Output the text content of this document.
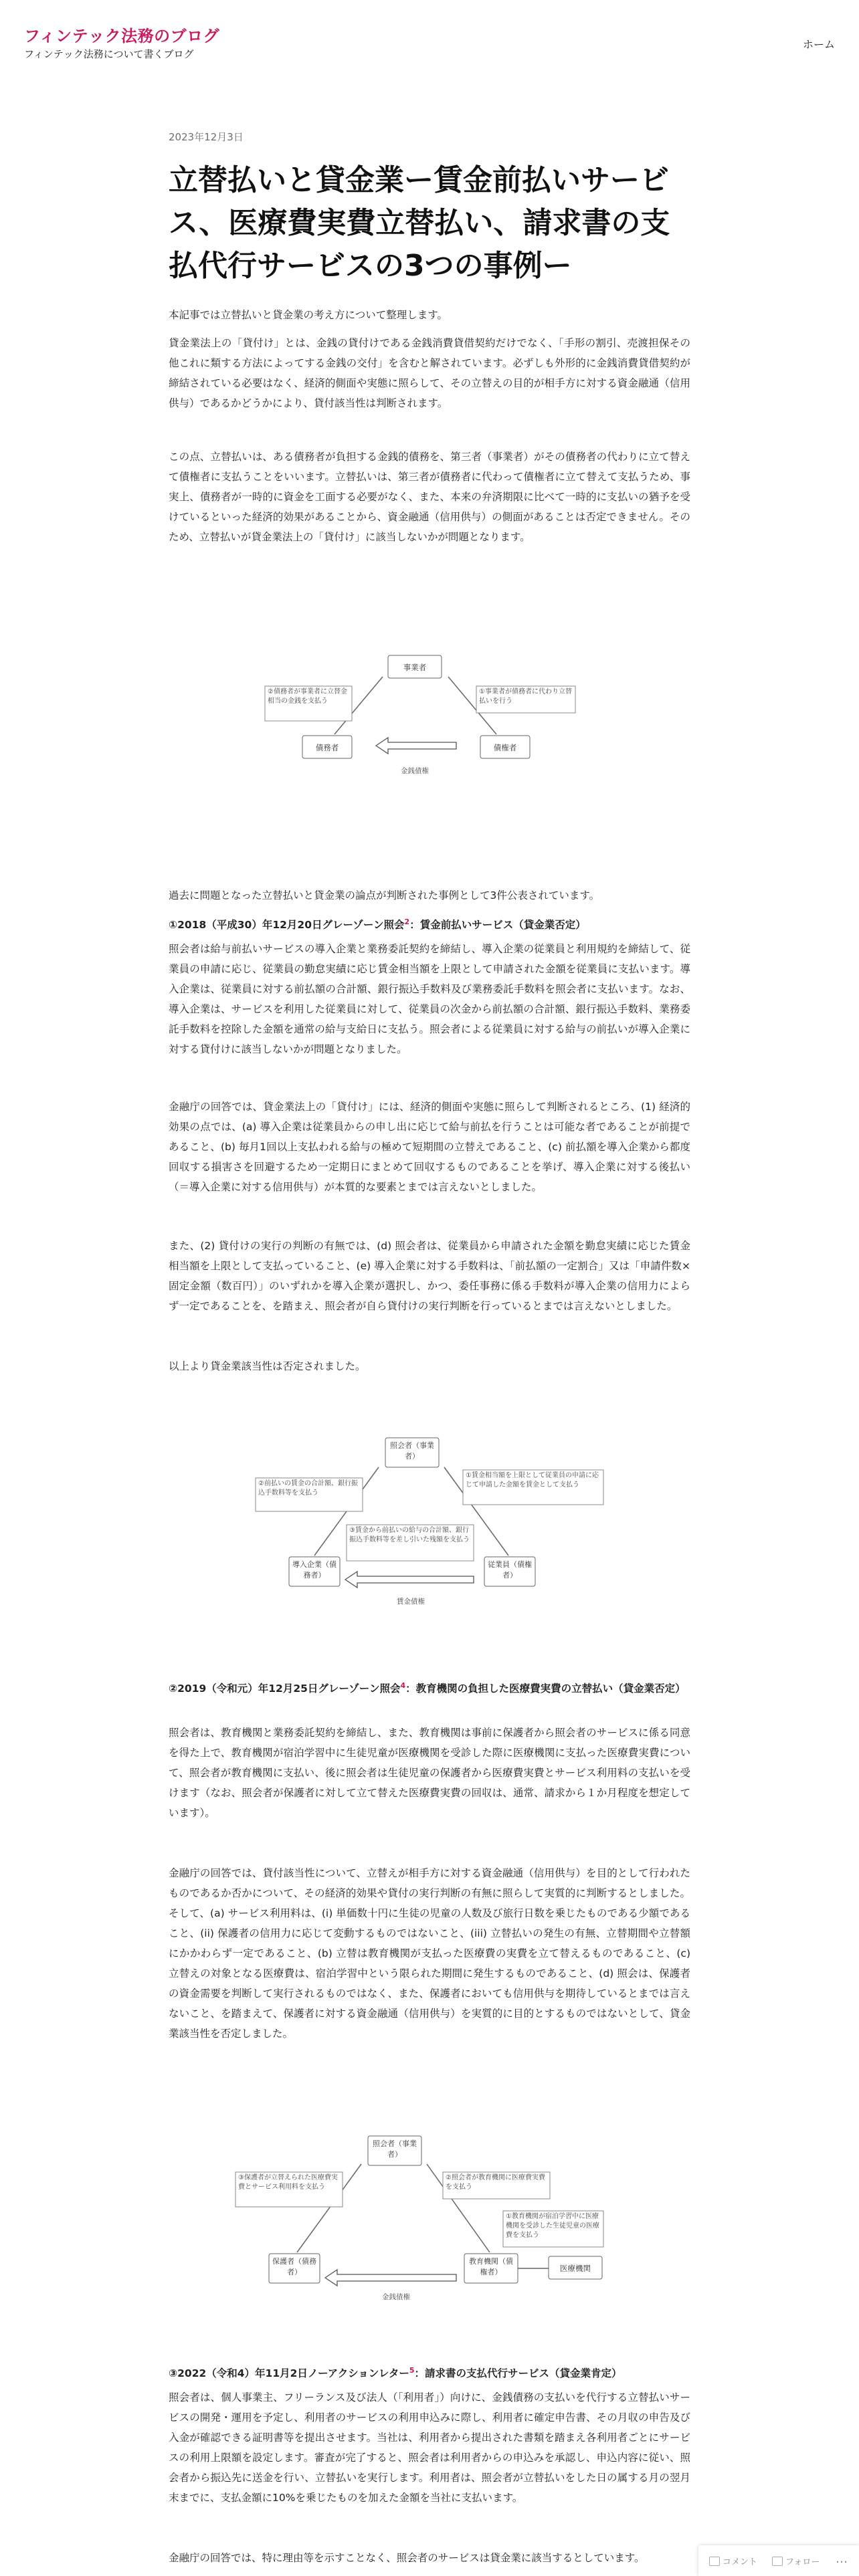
フィンテック法務のブログ
フィンテック法務について書くブログ
ホーム
2023年12月3日
立替払いと貸金業ー賃金前払いサービス、医療費実費立替払い、請求書の支払代行サービスの3つの事例ー

本記事では立替払いと貸金業の考え方について整理します。

貸金業法上の「貸付け」とは、金銭の貸付けである金銭消費貸借契約だけでなく、「手形の割引、売渡担保その他これに類する方法によってする金銭の交付」を含むと解されています。必ずしも外形的に金銭消費貸借契約が締結されている必要はなく、経済的側面や実態に照らして、その立替えの目的が相手方に対する資金融通（信用供与）であるかどうかにより、貸付該当性は判断されます。

この点、立替払いは、ある債務者が負担する金銭的債務を、第三者（事業者）がその債務者の代わりに立て替えて債権者に支払うことをいいます。立替払いは、第三者が債務者に代わって債権者に立て替えて支払うため、事実上、債務者が一時的に資金を工面する必要がなく、また、本来の弁済期限に比べて一時的に支払いの猶予を受けているといった経済的効果があることから、資金融通（信用供与）の側面があることは否定できません。そのため、立替払いが貸金業法上の「貸付け」に該当しないかが問題となります。

事業者
債務者	債権者
②債務者が事業者に立替金相当の金銭を支払う
①事業者が債務者に代わり立替払いを行う
金銭債権

過去に問題となった立替払いと貸金業の論点が判断された事例として3件公表されています。

①2018（平成30）年12月20日グレーゾーン照会$^2$：賃金前払いサービス（貸金業否定）

照会者は給与前払いサービスの導入企業と業務委託契約を締結し、導入企業の従業員と利用規約を締結して、従業員の申請に応じ、従業員の勤怠実績に応じ賃金相当額を上限として申請された金額を従業員に支払います。導入企業は、従業員に対する前払額の合計額、銀行振込手数料及び業務委託手数料を照会者に支払います。なお、導入企業は、サービスを利用した従業員に対して、従業員の次金から前払額の合計額、銀行振込手数料、業務委託手数料を控除した金額を通常の給与支給日に支払う。照会者による従業員に対する給与の前払いが導入企業に対する貸付けに該当しないかが問題となりました。

金融庁の回答では、貸金業法上の「貸付け」には、経済的側面や実態に照らして判断されるところ、(1) 経済的効果の点では、(a) 導入企業は従業員からの申し出に応じて給与前払を行うことは可能な者であることが前提であること、(b) 毎月1回以上支払われる給与の極めて短期間の立替えであること、(c) 前払額を導入企業から都度回収する損害さを回避するため一定期日にまとめて回収するものであることを挙げ、導入企業に対する後払い（＝導入企業に対する信用供与）が本質的な要素とまでは言えないとしました。

また、(2) 貸付けの実行の判断の有無では、(d) 照会者は、従業員から申請された金額を勤怠実績に応じた賃金相当額を上限として支払っていること、(e) 導入企業に対する手数料は、「前払額の一定割合」又は「申請件数×固定金額（数百円）」のいずれかを導入企業が選択し、かつ、委任事務に係る手数料が導入企業の信用力によらず一定であることを、を踏まえ、照会者が自ら貸付けの実行判断を行っているとまでは言えないとしました。

以上より貸金業該当性は否定されました。

照会者（事業者）
導入企業（債務者）
従業員（債権者）
②前払いの賃金の合計額、銀行振込手数料等を支払う
①賃金相当額を上限として従業員の申請に応じて申請した金額を賃金として支払う
③賃金から前払いの給与の合計額、銀行振込手数料等を差し引いた残額を支払う
賃金債権
②2019（令和元）年12月25日グレーゾーン照会$^4$：教育機関の負担した医療費実費の立替払い（貸金業否定）

照会者は、教育機関と業務委託契約を締結し、また、教育機関は事前に保護者から照会者のサービスに係る同意を得た上で、教育機関が宿泊学習中に生徒児童が医療機関を受診した際に医療機関に支払った医療費実費について、照会者が教育機関に支払い、後に照会者は生徒児童の保護者から医療費実費とサービス利用料の支払いを受けます（なお、照会者が保護者に対して立て替えた医療費実費の回収は、通常、請求から１か月程度を想定しています）。

金融庁の回答では、貸付該当性について、立替えが相手方に対する資金融通（信用供与）を目的として行われたものであるか否かについて、その経済的効果や貸付の実行判断の有無に照らして実質的に判断するとしました。そして、(a) サービス利用料は、(i) 単価数十円に生徒の児童の人数及び旅行日数を乗じたものである少額であること、(ii) 保護者の信用力に応じて変動するものではないこと、(iii) 立替払いの発生の有無、立替期間や立替額にかかわらず一定であること、(b) 立替は教育機関が支払った医療費の実費を立て替えるものであること、(c) 立替えの対象となる医療費は、宿泊学習中という限られた期間に発生するものであること、(d) 照会は、保護者の資金需要を判断して実行されるものではなく、また、保護者においても信用供与を期待しているとまでは言えないこと、を踏まえて、保護者に対する資金融通（信用供与）を実質的に目的とするものではないとして、貸金業該当性を否定しました。

照会者（事業者）
保護者（債務者）
教育機関（債権者）	医療機関
③保護者が立替えられた医療費実費とサービス利用料を支払う
②照会者が教育機関に医療費実費を支払う
①教育機関が宿泊学習中に医療機関を受診した生徒児童の医療費を支払う
金銭債権
③2022（令和4）年11月2日ノーアクションレター$^5$：請求書の支払代行サービス（貸金業肯定）

照会者は、個人事業主、フリーランス及び法人（「利用者」）向けに、金銭債務の支払いを代行する立替払いサービスの開発・運用を予定し、利用者のサービスの利用申込みに際し、利用者に確定申告書、その月収の申告及び入金が確認できる証明書等を提出させます。当社は、利用者から提出された書類を踏まえ各利用者ごとにサービスの利用上限額を設定します。審査が完了すると、照会者は利用者からの申込みを承認し、申込内容に従い、照会者から振込先に送金を行い、立替払いを実行します。利用者は、照会者が立替払いをした日の属する月の翌月末までに、支払金額に10%を乗じたものを加えた金額を当社に支払います。

金融庁の回答では、特に理由等を示すことなく、照会者のサービスは貸金業に該当するとしています。	コメント	フォロー …
